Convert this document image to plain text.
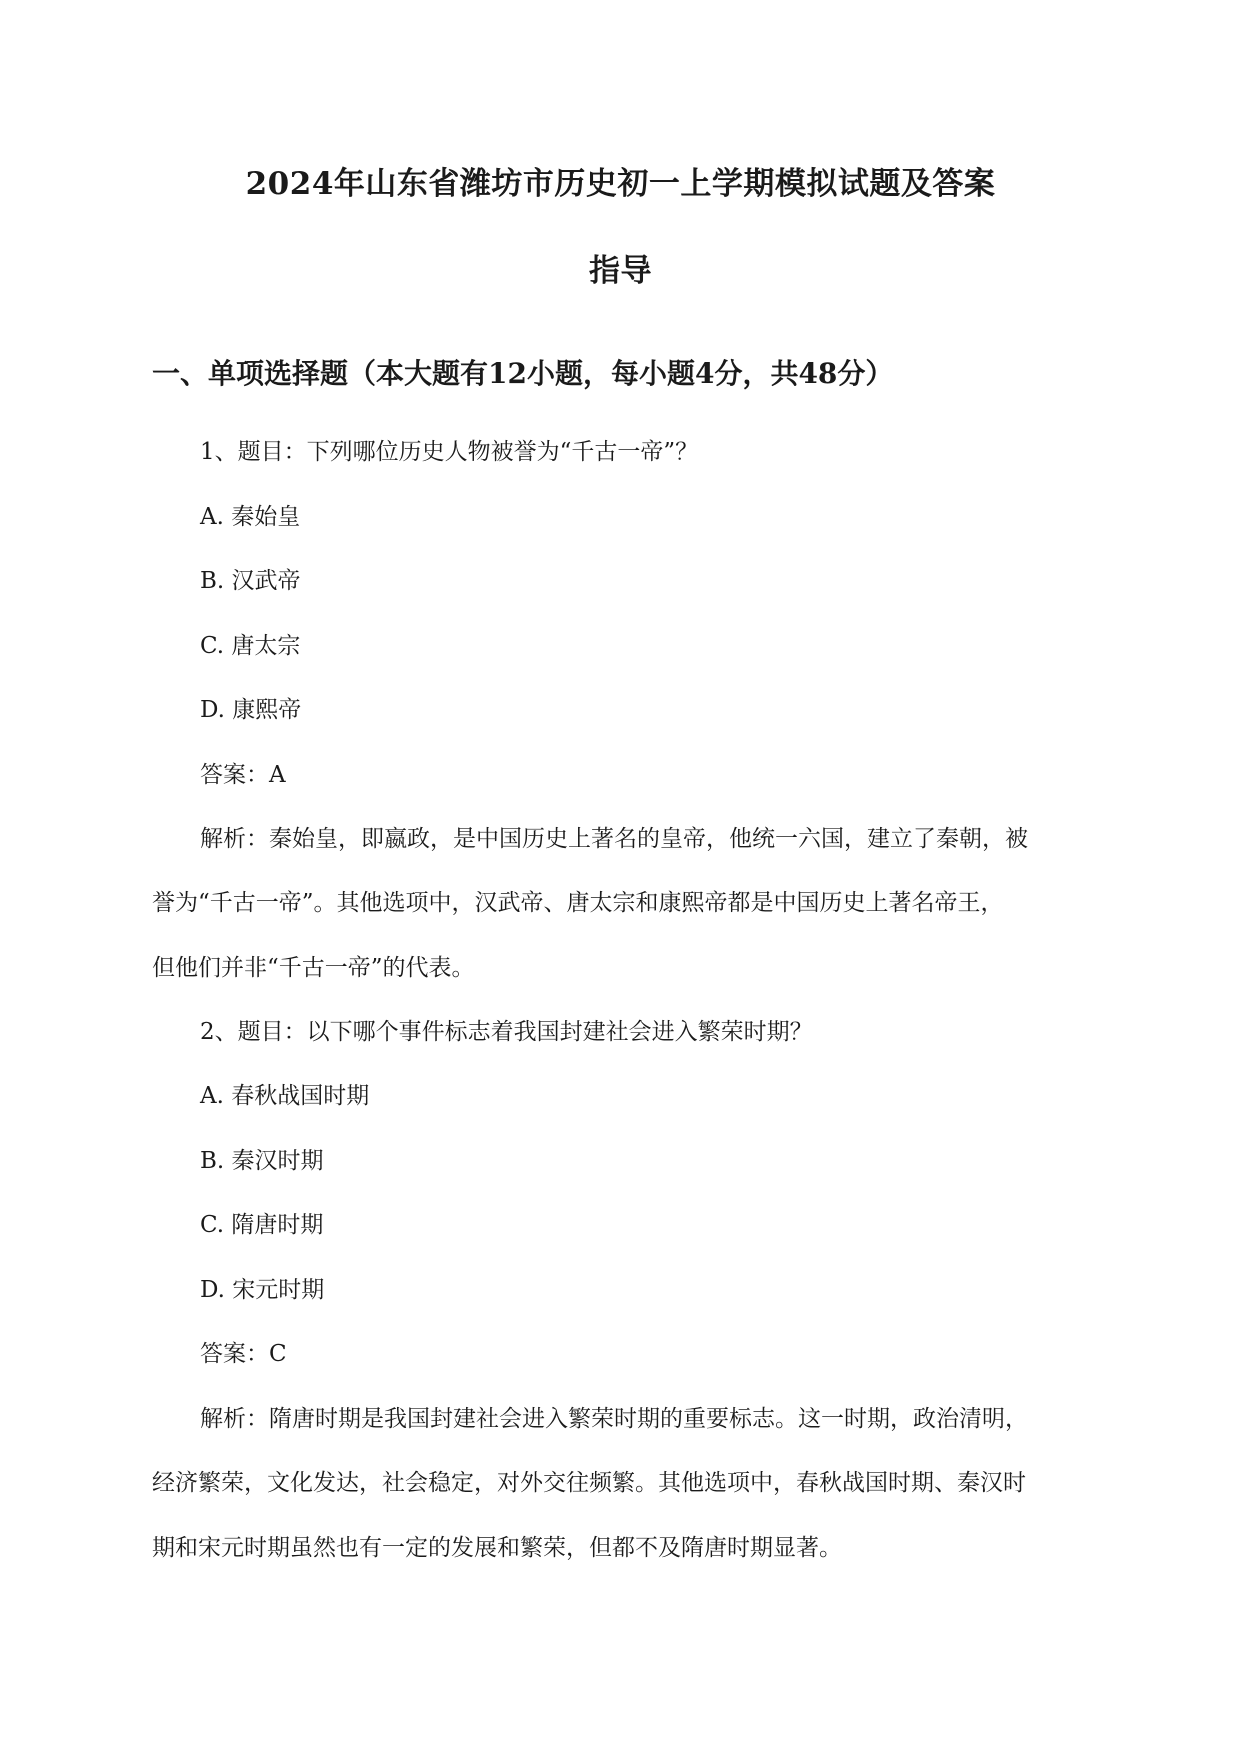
2024年山东省潍坊市历史初一上学期模拟试题及答案
指导
一、单项选择题（本大题有12小题，每小题4分，共48分）
1、题目：下列哪位历史人物被誉为“千古一帝”？
A. 秦始皇
B. 汉武帝
C. 唐太宗
D. 康熙帝
答案：A
解析：秦始皇，即嬴政，是中国历史上著名的皇帝，他统一六国，建立了秦朝，被
誉为“千古一帝”。其他选项中，汉武帝、唐太宗和康熙帝都是中国历史上著名帝王，
但他们并非“千古一帝”的代表。
2、题目：以下哪个事件标志着我国封建社会进入繁荣时期？
A. 春秋战国时期
B. 秦汉时期
C. 隋唐时期
D. 宋元时期
答案：C
解析：隋唐时期是我国封建社会进入繁荣时期的重要标志。这一时期，政治清明，
经济繁荣，文化发达，社会稳定，对外交往频繁。其他选项中，春秋战国时期、秦汉时
期和宋元时期虽然也有一定的发展和繁荣，但都不及隋唐时期显著。
